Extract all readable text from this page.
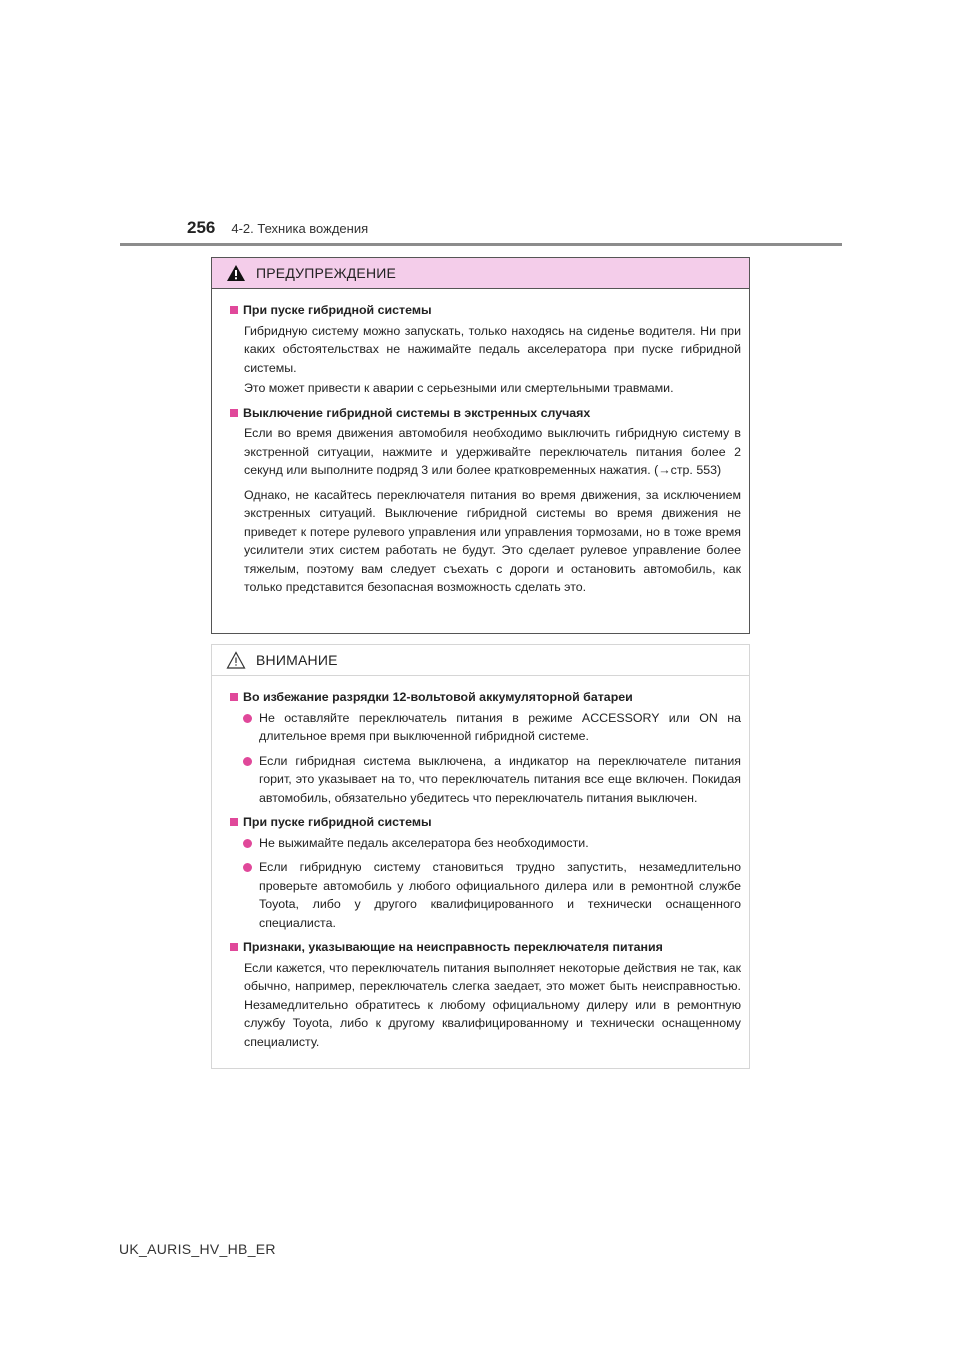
256 4-2. Техника вождения
ПРЕДУПРЕЖДЕНИЕ
При пуске гибридной системы
Гибридную систему можно запускать, только находясь на сиденье водителя. Ни при каких обстоятельствах не нажимайте педаль акселератора при пуске гибридной системы.
Это может привести к аварии с серьезными или смертельными травмами.
Выключение гибридной системы в экстренных случаях
Если во время движения автомобиля необходимо выключить гибридную систему в экстренной ситуации, нажмите и удерживайте переключатель питания более 2 секунд или выполните подряд 3 или более кратковременных нажатия. (→стр. 553)
Однако, не касайтесь переключателя питания во время движения, за исключением экстренных ситуаций. Выключение гибридной системы во время движения не приведет к потере рулевого управления или управления тормозами, но в тоже время усилители этих систем работать не будут. Это сделает рулевое управление более тяжелым, поэтому вам следует съехать с дороги и остановить автомобиль, как только представится безопасная возможность сделать это.
ВНИМАНИЕ
Во избежание разрядки 12-вольтовой аккумуляторной батареи
Не оставляйте переключатель питания в режиме ACCESSORY или ON на длительное время при выключенной гибридной системе.
Если гибридная система выключена, а индикатор на переключателе питания горит, это указывает на то, что переключатель питания все еще включен. Покидая автомобиль, обязательно убедитесь что переключатель питания выключен.
При пуске гибридной системы
Не выжимайте педаль акселератора без необходимости.
Если гибридную систему становиться трудно запустить, незамедлительно проверьте автомобиль у любого официального дилера или в ремонтной службе Toyota, либо у другого квалифицированного и технически оснащенного специалиста.
Признаки, указывающие на неисправность переключателя питания
Если кажется, что переключатель питания выполняет некоторые действия не так, как обычно, например, переключатель слегка заедает, это может быть неисправностью. Незамедлительно обратитесь к любому официальному дилеру или в ремонтную службу Toyota, либо к другому квалифицированному и технически оснащенному специалисту.
UK_AURIS_HV_HB_ER
